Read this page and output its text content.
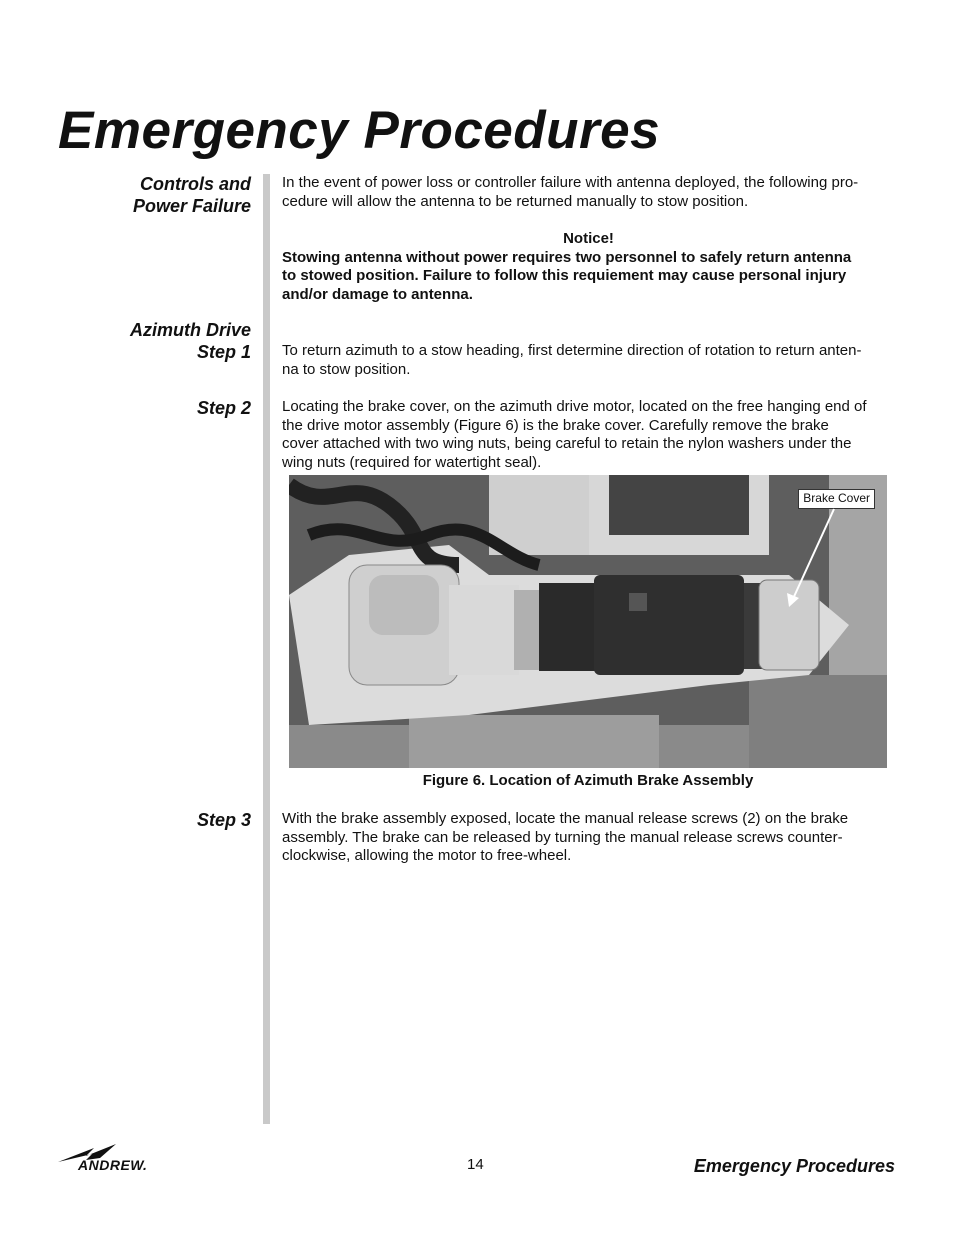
Emergency Procedures
Controls and
Power Failure
In the event of power loss or controller failure with antenna deployed, the following pro-
cedure will allow the antenna to be returned manually to stow position.
Notice!
Stowing antenna without power requires two personnel to safely return antenna
to stowed position. Failure to follow this requiement may cause personal injury
and/or damage to antenna.
Azimuth Drive
Step 1 To return azimuth to a stow heading, first determine direction of rotation to return anten-
na to stow position.
Step 2 Locating the brake cover, on the azimuth drive motor, located on the free hanging end of
the drive motor assembly (Figure 6) is the brake cover. Carefully remove the brake
cover attached with two wing nuts, being careful to retain the nylon washers under the
wing nuts (required for watertight seal).
Brake Cover
Figure 6. Location of Azimuth Brake Assembly
Step 3 With the brake assembly exposed, locate the manual release screws (2) on the brake
assembly. The brake can be released by turning the manual release screws counter-
clockwise, allowing the motor to free-wheel.
ANDREW.	14	Emergency Procedures
